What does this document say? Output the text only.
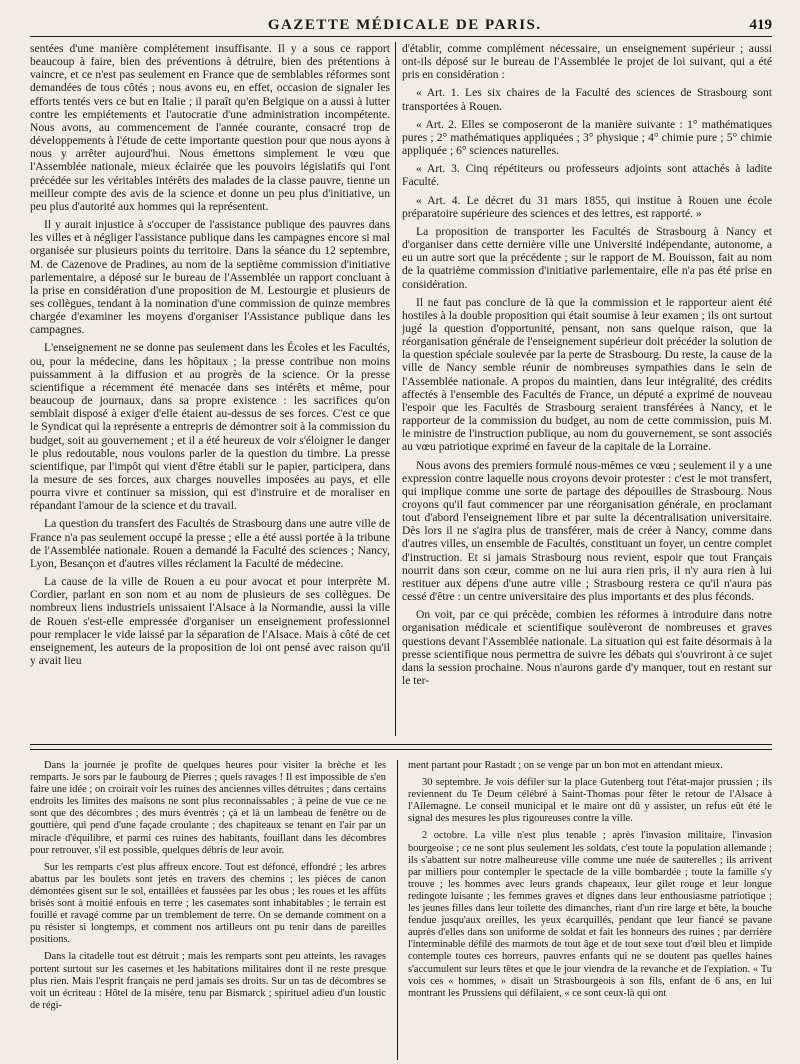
GAZETTE MÉDICALE DE PARIS.	419

sentées d'une manière complétement insuffisante. Il y a sous ce rapport beaucoup à faire, bien des préventions à détruire, bien des prétentions à vaincre, et ce n'est pas seulement en France que de semblables réformes sont demandées de tous côtés ; nous avons eu, en effet, occasion de signaler les efforts tentés vers ce but en Italie ; il paraît qu'en Belgique on a aussi à lutter contre les empiétements et l'autocratie d'une administration incompétente. Nous avons, au commencement de l'année courante, consacré trop de développements à l'étude de cette importante question pour que nous ayons à nous y arrêter aujourd'hui. Nous émettons simplement le vœu que l'Assemblée nationale, mieux éclairée que les pouvoirs législatifs qui l'ont précédée sur les véritables intérêts des malades de la classe pauvre, tienne un meilleur compte des avis de la science et donne un peu plus d'initiative, un peu plus d'autorité aux hommes qui la représentent.

Il y aurait injustice à s'occuper de l'assistance publique des pauvres dans les villes et à négliger l'assistance publique dans les campagnes encore si mal organisée sur plusieurs points du territoire. Dans la séance du 12 septembre, M. de Cazenove de Pradines, au nom de la septième commission d'initiative parlementaire, a déposé sur le bureau de l'Assemblée un rapport concluant à la prise en considération d'une proposition de M. Lestourgie et plusieurs de ses collègues, tendant à la nomination d'une commission de quinze membres chargée d'examiner les moyens d'organiser l'Assistance publique dans les campagnes.

L'enseignement ne se donne pas seulement dans les Écoles et les Facultés, ou, pour la médecine, dans les hôpitaux ; la presse contribue non moins puissamment à la diffusion et au progrès de la science. Or la presse scientifique a récemment été menacée dans ses intérêts et même, pour beaucoup de journaux, dans sa propre existence : les sacrifices qu'on semblait disposé à exiger d'elle étaient au-dessus de ses forces. C'est ce que le Syndicat qui la représente a entrepris de démontrer soit à la commission du budget, soit au gouvernement ; et il a été heureux de voir s'éloigner le danger le plus redoutable, nous voulons parler de la question du timbre. La presse scientifique, par l'impôt qui vient d'être établi sur le papier, participera, dans la mesure de ses forces, aux charges nouvelles imposées au pays, et elle pourra vivre et continuer sa mission, qui est d'instruire et de moraliser en répandant l'amour de la science et du travail.

La question du transfert des Facultés de Strasbourg dans une autre ville de France n'a pas seulement occupé la presse ; elle a été aussi portée à la tribune de l'Assemblée nationale. Rouen a demandé la Faculté des sciences ; Nancy, Lyon, Besançon et d'autres villes réclament la Faculté de médecine.

La cause de la ville de Rouen a eu pour avocat et pour interprète M. Cordier, parlant en son nom et au nom de plusieurs de ses collègues. De nombreux liens industriels unissaient l'Alsace à la Normandie, aussi la ville de Rouen s'est-elle empressée d'organiser un enseignement professionnel pour remplacer le vide laissé par la séparation de l'Alsace. Mais à côté de cet enseignement, les auteurs de la proposition de loi ont pensé avec raison qu'il y avait lieu

d'établir, comme complément nécessaire, un enseignement supérieur ; aussi ont-ils déposé sur le bureau de l'Assemblée le projet de loi suivant, qui a été pris en considération :

« Art. 1. Les six chaires de la Faculté des sciences de Strasbourg sont transportées à Rouen.

« Art. 2. Elles se composeront de la manière suivante : 1° mathématiques pures ; 2° mathématiques appliquées ; 3° physique ; 4° chimie pure ; 5° chimie appliquée ; 6° sciences naturelles.

« Art. 3. Cinq répétiteurs ou professeurs adjoints sont attachés à ladite Faculté.

« Art. 4. Le décret du 31 mars 1855, qui institue à Rouen une école préparatoire supérieure des sciences et des lettres, est rapporté. »

La proposition de transporter les Facultés de Strasbourg à Nancy et d'organiser dans cette dernière ville une Université indépendante, autonome, a eu un autre sort que la précédente ; sur le rapport de M. Bouisson, fait au nom de la quatrième commission d'initiative parlementaire, elle n'a pas été prise en considération.

Il ne faut pas conclure de là que la commission et le rapporteur aient été hostiles à la double proposition qui était soumise à leur examen ; ils ont surtout jugé la question d'opportunité, pensant, non sans quelque raison, que la réorganisation générale de l'enseignement supérieur doit précéder la solution de la question spéciale soulevée par la perte de Strasbourg. Du reste, la cause de la ville de Nancy semble réunir de nombreuses sympathies dans le sein de l'Assemblée nationale. A propos du maintien, dans leur intégralité, des crédits affectés à l'ensemble des Facultés de France, un député a exprimé de nouveau l'espoir que les Facultés de Strasbourg seraient transférées à Nancy, et le rapporteur de la commission du budget, au nom de cette commission, puis M. le ministre de l'instruction publique, au nom du gouvernement, se sont associés au vœu patriotique exprimé en faveur de la capitale de la Lorraine.

Nous avons des premiers formulé nous-mêmes ce vœu ; seulement il y a une expression contre laquelle nous croyons devoir protester : c'est le mot transfert, qui implique comme une sorte de partage des dépouilles de Strasbourg. Nous croyons qu'il faut commencer par une réorganisation générale, en proclamant tout d'abord l'enseignement libre et par suite la décentralisation universitaire. Dès lors il ne s'agira plus de transférer, mais de créer à Nancy, comme dans d'autres villes, un ensemble de Facultés, constituant un foyer, un centre complet d'instruction. Et si jamais Strasbourg nous revient, espoir que tout Français nourrit dans son cœur, comme on ne lui aura rien pris, il n'y aura rien à lui restituer aux dépens d'une autre ville ; Strasbourg restera ce qu'il n'aura pas cessé d'être : un centre universitaire des plus importants et des plus féconds.

On voit, par ce qui précède, combien les réformes à introduire dans notre organisation médicale et scientifique soulèveront de nombreuses et graves questions devant l'Assemblée nationale. La situation qui est faite désormais à la presse scientifique nous permettra de suivre les débats qui s'ouvriront à ce sujet dans la session prochaine. Nous n'aurons garde d'y manquer, tout en restant sur le ter-

Dans la journée je profite de quelques heures pour visiter la brèche et les remparts. Je sors par le faubourg de Pierres ; quels ravages ! Il est impossible de s'en faire une idée ; on croirait voir les ruines des anciennes villes détruites ; dans certains endroits les limites des maisons ne sont plus reconnaissables ; à peine de vue ce ne sont que des décombres ; des murs éventrés ; çà et là un lambeau de fenêtre ou de gouttière, qui pend d'une façade croulante ; des chapiteaux se tenant en l'air par un miracle d'équilibre, et parmi ces ruines des habitants, fouillant dans les décombres pour retrouver, s'il est possible, quelques débris de leur avoir.

Sur les remparts c'est plus affreux encore. Tout est défoncé, effondré ; les arbres abattus par les boulets sont jetés en travers des chemins ; les pièces de canon démontées gisent sur le sol, entaillées et faussées par les obus ; les roues et les affûts brisés sont à moitié enfouis en terre ; les casemates sont inhabitables ; le terrain est fouillé et ravagé comme par un tremblement de terre. On se demande comment on a pu résister si longtemps, et comment nos artilleurs ont pu tenir dans de pareilles positions.

Dans la citadelle tout est détruit ; mais les remparts sont peu atteints, les ravages portent surtout sur les casernes et les habitations militaires dont il ne reste presque plus rien. Mais l'esprit français ne perd jamais ses droits. Sur un tas de décombres se voit un écriteau : Hôtel de la misère, tenu par Bismarck ; spirituel adieu d'un loustic de régi-

ment partant pour Rastadt ; on se venge par un bon mot en attendant mieux.

30 septembre. Je vois défiler sur la place Gutenberg tout l'état-major prussien ; ils reviennent du Te Deum célébré à Saint-Thomas pour fêter le retour de l'Alsace à l'Allemagne. Le conseil municipal et le maire ont dû y assister, un refus eût été le signal des mesures les plus rigoureuses contre la ville.

2 octobre. La ville n'est plus tenable ; après l'invasion militaire, l'invasion bourgeoise ; ce ne sont plus seulement les soldats, c'est toute la population allemande ; ils s'abattent sur notre malheureuse ville comme une nuée de sauterelles ; ils arrivent par milliers pour contempler le spectacle de la ville bombardée ; toute la famille s'y trouve ; les hommes avec leurs grands chapeaux, leur gilet rouge et leur longue redingote luisante ; les femmes graves et dignes dans leur enthousiasme patriotique ; les jeunes filles dans leur toilette des dimanches, riant d'un rire large et bête, la bouche fendue jusqu'aux oreilles, les yeux écarquillés, pendant que leur fiancé se pavane auprès d'elles dans son uniforme de soldat et fait les honneurs des ruines ; par derrière l'interminable défilé des marmots de tout âge et de tout sexe tout d'œil bleu et limpide contemple toutes ces horreurs, pauvres enfants qui ne se doutent pas quelles haines s'accumulent sur leurs têtes et que le jour viendra de la revanche et de l'expiation. « Tu vois ces « hommes, » disait un Strasbourgeois à son fils, enfant de 6 ans, en lui montrant les Prussiens qui défilaient, « ce sont ceux-là qui ont
